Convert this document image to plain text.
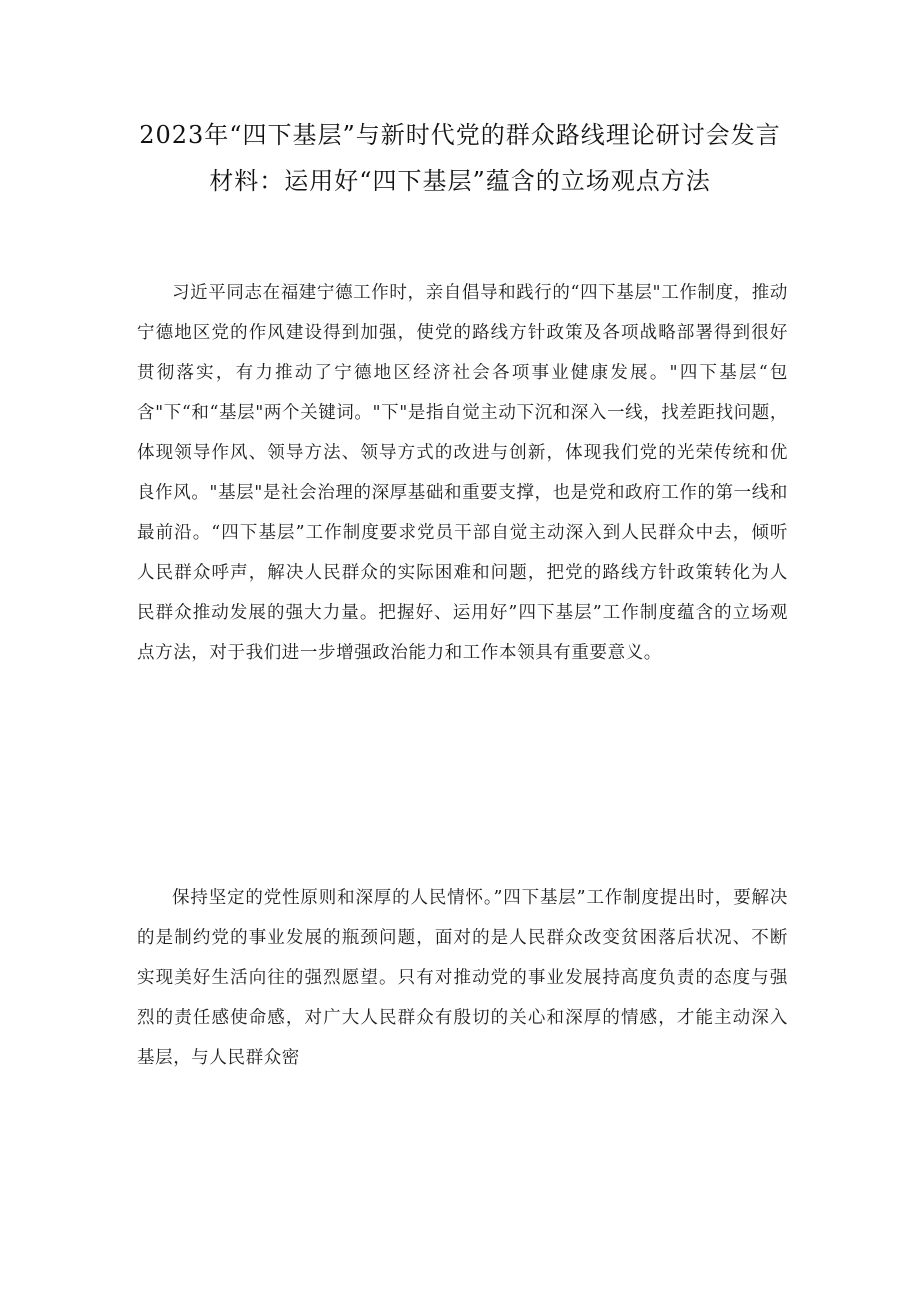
2023年“四下基层”与新时代党的群众路线理论研讨会发言材料：运用好“四下基层”蕴含的立场观点方法

习近平同志在福建宁德工作时，亲自倡导和践行的“四下基层"工作制度，推动宁德地区党的作风建设得到加强，使党的路线方针政策及各项战略部署得到很好贯彻落实，有力推动了宁德地区经济社会各项事业健康发展。"四下基层“包含"下“和“基层"两个关键词。"下"是指自觉主动下沉和深入一线，找差距找问题，体现领导作风、领导方法、领导方式的改进与创新，体现我们党的光荣传统和优良作风。"基层"是社会治理的深厚基础和重要支撑，也是党和政府工作的第一线和最前沿。“四下基层”工作制度要求党员干部自觉主动深入到人民群众中去，倾听人民群众呼声，解决人民群众的实际困难和问题，把党的路线方针政策转化为人民群众推动发展的强大力量。把握好、运用好”四下基层”工作制度蕴含的立场观点方法，对于我们进一步增强政治能力和工作本领具有重要意义。

保持坚定的党性原则和深厚的人民情怀。”四下基层”工作制度提出时，要解决的是制约党的事业发展的瓶颈问题，面对的是人民群众改变贫困落后状况、不断实现美好生活向往的强烈愿望。只有对推动党的事业发展持高度负责的态度与强烈的责任感使命感，对广大人民群众有殷切的关心和深厚的情感，才能主动深入基层，与人民群众密
